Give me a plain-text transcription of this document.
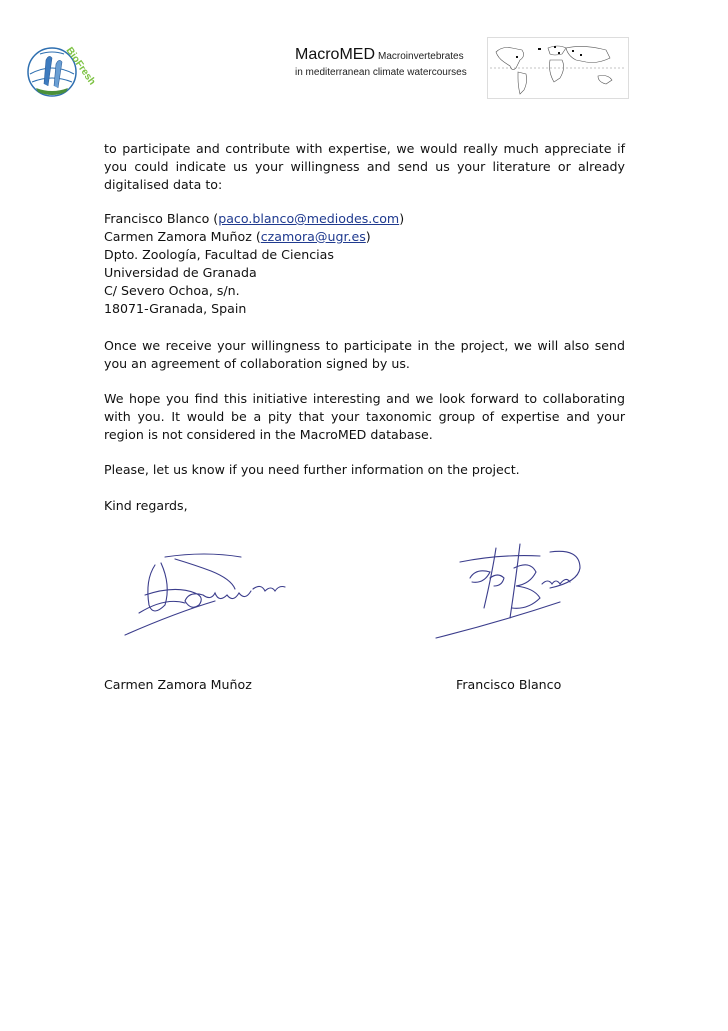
BioFresh	MacroMED Macroinvertebrates
in mediterranean climate watercourses

to participate and contribute with expertise, we would really much appreciate if you could indicate us your willingness and send us your literature or already digitalised data to:

Francisco Blanco (paco.blanco@mediodes.com)

Carmen Zamora Muñoz (czamora@ugr.es)

Dpto. Zoología, Facultad de Ciencias

Universidad de Granada

C/ Severo Ochoa, s/n.

18071-Granada, Spain

Once we receive your willingness to participate in the project, we will also send you an agreement of collaboration signed by us.

We hope you find this initiative interesting and we look forward to collaborating with you. It would be a pity that your taxonomic group of expertise and your region is not considered in the MacroMED database.

Please, let us know if you need further information on the project.

Kind regards,

Carmen Zamora Muñoz	Francisco Blanco
